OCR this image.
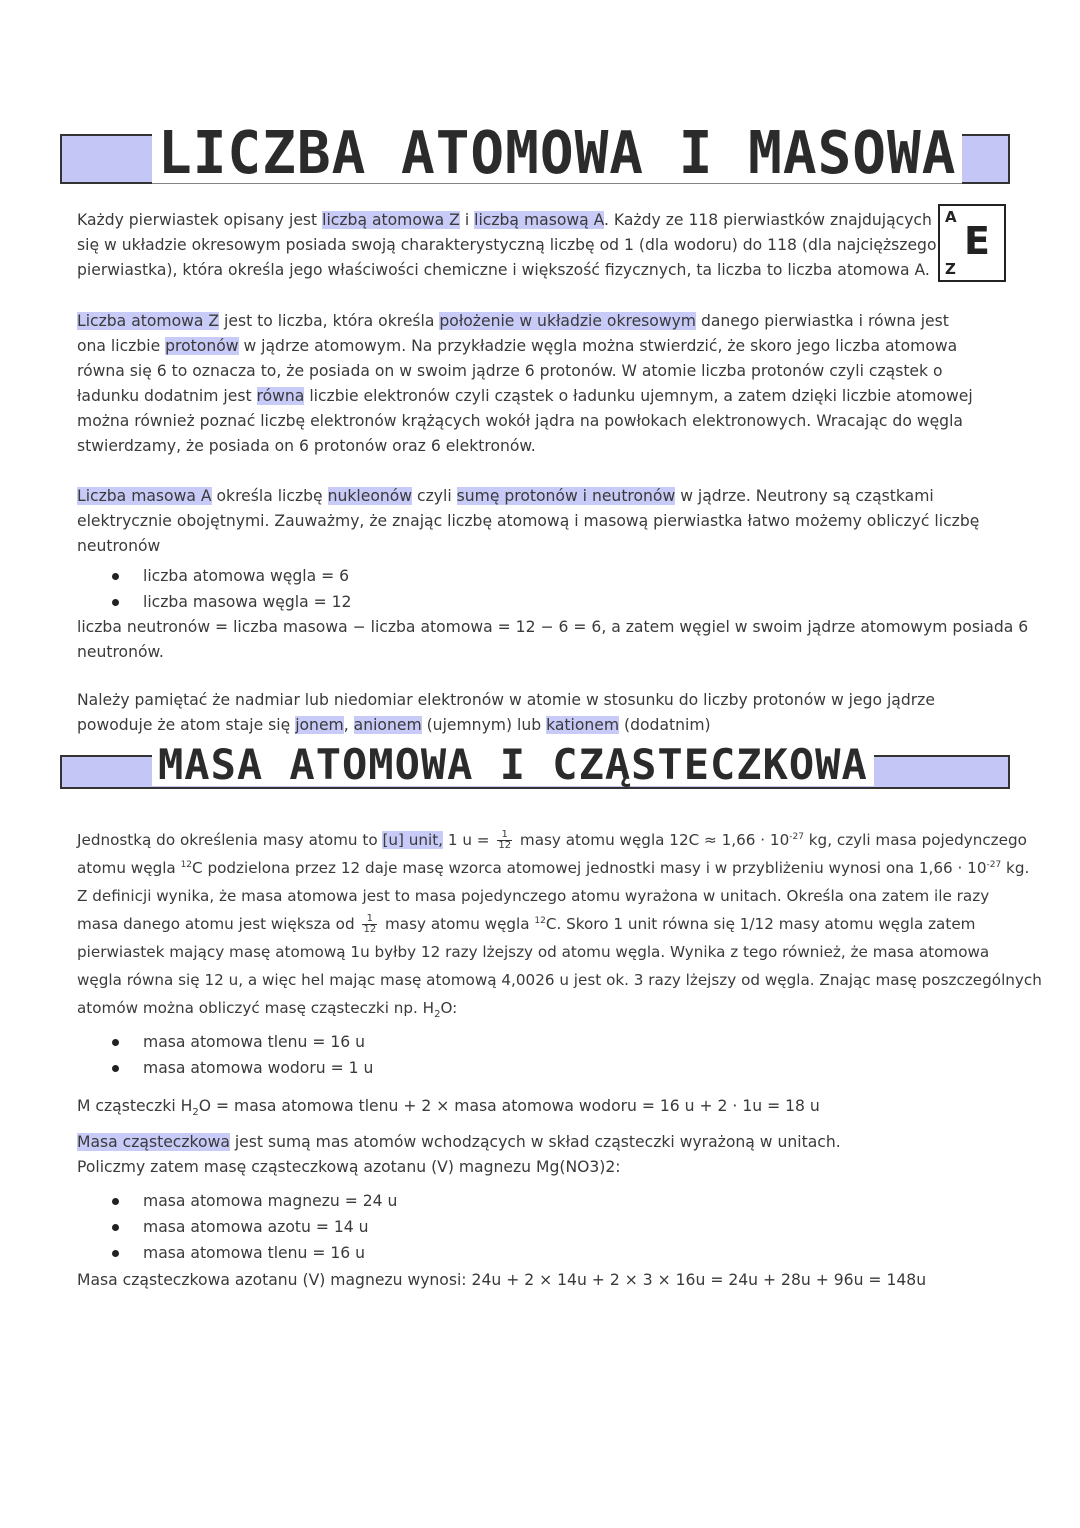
LICZBA ATOMOWA I MASOWA
A
E
Z
Każdy pierwiastek opisany jest liczbą atomowa Z i liczbą masową A. Każdy ze 118 pierwiastków znajdujących
się w układzie okresowym posiada swoją charakterystyczną liczbę od 1 (dla wodoru) do 118 (dla najcięższego
pierwiastka), która określa jego właściwości chemiczne i większość fizycznych, ta liczba to liczba atomowa A.
Liczba atomowa Z jest to liczba, która określa położenie w układzie okresowym danego pierwiastka i równa jest
ona liczbie protonów w jądrze atomowym. Na przykładzie węgla można stwierdzić, że skoro jego liczba atomowa
równa się 6 to oznacza to, że posiada on w swoim jądrze 6 protonów. W atomie liczba protonów czyli cząstek o
ładunku dodatnim jest równa liczbie elektronów czyli cząstek o ładunku ujemnym, a zatem dzięki liczbie atomowej
można również poznać liczbę elektronów krążących wokół jądra na powłokach elektronowych. Wracając do węgla
stwierdzamy, że posiada on 6 protonów oraz 6 elektronów.
Liczba masowa A określa liczbę nukleonów czyli sumę protonów i neutronów w jądrze. Neutrony są cząstkami
elektrycznie obojętnymi. Zauważmy, że znając liczbę atomową i masową pierwiastka łatwo możemy obliczyć liczbę
neutronów
liczba atomowa węgla = 6
liczba masowa węgla = 12
liczba neutronów = liczba masowa − liczba atomowa = 12 − 6 = 6, a zatem węgiel w swoim jądrze atomowym posiada 6
neutronów.
Należy pamiętać że nadmiar lub niedomiar elektronów w atomie w stosunku do liczby protonów w jego jądrze
powoduje że atom staje się jonem, anionem (ujemnym) lub kationem (dodatnim)
MASA ATOMOWA I CZĄSTECZKOWA
Jednostką do określenia masy atomu to [u] unit, 1 $u = \frac{1}{12}$ masy atomu węgla $12C \approx 1,66 \cdot 10^{-27}$ kg, czyli masa pojedynczego
atomu węgla $^{12}$C podzielona przez 12 daje masę wzorca atomowej jednostki masy i w przybliżeniu wynosi ona $1,66 \cdot 10^{-27}$ kg.
Z definicji wynika, że masa atomowa jest to masa pojedynczego atomu wyrażona w unitach. Określa ona zatem ile razy
masa danego atomu jest większa od $\frac{1}{12}$ masy atomu węgla $^{12}$C. Skoro 1 unit równa się 1/12 masy atomu węgla zatem
pierwiastek mający masę atomową 1u byłby 12 razy lżejszy od atomu węgla. Wynika z tego również, że masa atomowa
węgla równa się 12 u, a więc hel mając masę atomową 4,0026 u jest ok. 3 razy lżejszy od węgla. Znając masę poszczególnych
atomów można obliczyć masę cząsteczki np. $H_2O$:
masa atomowa tlenu = 16 u
masa atomowa wodoru = 1 u
M cząsteczki $H_2O$ = masa atomowa tlenu + 2 × masa atomowa wodoru = 16 u + 2 · 1u = 18 u
Masa cząsteczkowa jest sumą mas atomów wchodzących w skład cząsteczki wyrażoną w unitach.
Policzmy zatem masę cząsteczkową azotanu (V) magnezu Mg(NO3)2:
masa atomowa magnezu = 24 u
masa atomowa azotu = 14 u
masa atomowa tlenu = 16 u
Masa cząsteczkowa azotanu (V) magnezu wynosi: 24u + 2 × 14u + 2 × 3 × 16u = 24u + 28u + 96u = 148u
